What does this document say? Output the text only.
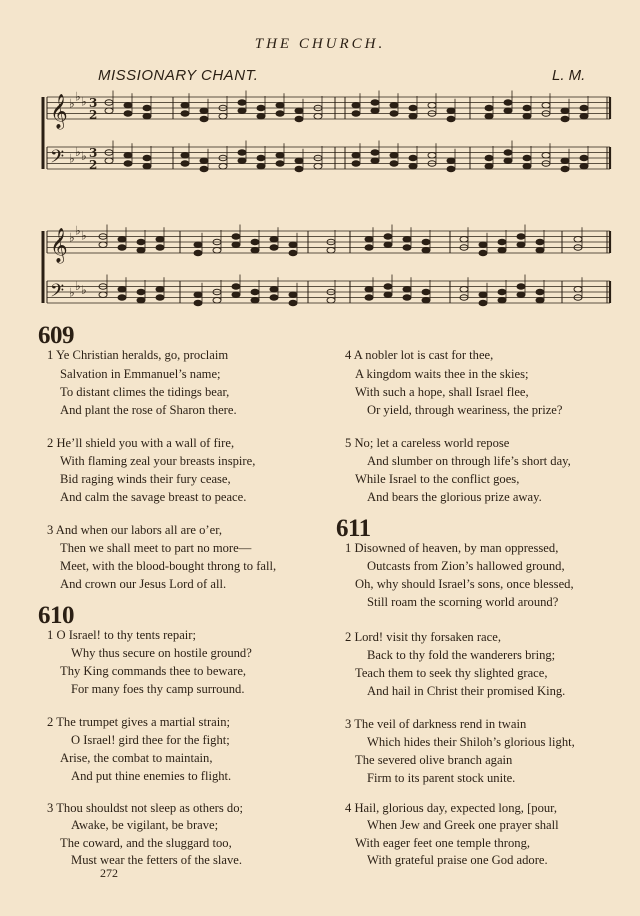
THE CHURCH.
MISSIONARY CHANT.	L. M.
𝄞 ♭
♭ ♭ 3
2
𝄢 ♭ ♭ ♭ 3
2
𝄞 ♭
♭ ♭
𝄢 ♭ ♭ ♭
609
1 Ye Christian heralds, go, proclaim
Salvation in Emmanuel’s name;
To distant climes the tidings bear,
And plant the rose of Sharon there.
2 He’ll shield you with a wall of fire,
With flaming zeal your breasts inspire,
Bid raging winds their fury cease,
And calm the savage breast to peace.
3 And when our labors all are o’er,
Then we shall meet to part no more—
Meet, with the blood-bought throng to fall,
And crown our Jesus Lord of all.
4 A nobler lot is cast for thee,
A kingdom waits thee in the skies;
With such a hope, shall Israel flee,
Or yield, through weariness, the prize?
5 No; let a careless world repose
And slumber on through life’s short day,
While Israel to the conflict goes,
And bears the glorious prize away.
610
1 O Israel! to thy tents repair;
Why thus secure on hostile ground?
Thy King commands thee to beware,
For many foes thy camp surround.
2 The trumpet gives a martial strain;
O Israel! gird thee for the fight;
Arise, the combat to maintain,
And put thine enemies to flight.
3 Thou shouldst not sleep as others do;
Awake, be vigilant, be brave;
The coward, and the sluggard too,
Must wear the fetters of the slave.
611
1 Disowned of heaven, by man oppressed,
Outcasts from Zion’s hallowed ground,
Oh, why should Israel’s sons, once blessed,
Still roam the scorning world around?
2 Lord! visit thy forsaken race,
Back to thy fold the wanderers bring;
Teach them to seek thy slighted grace,
And hail in Christ their promised King.
3 The veil of darkness rend in twain
Which hides their Shiloh’s glorious light,
The severed olive branch again
Firm to its parent stock unite.
4 Hail, glorious day, expected long, [pour,
When Jew and Greek one prayer shall
With eager feet one temple throng,
With grateful praise one God adore.
272
